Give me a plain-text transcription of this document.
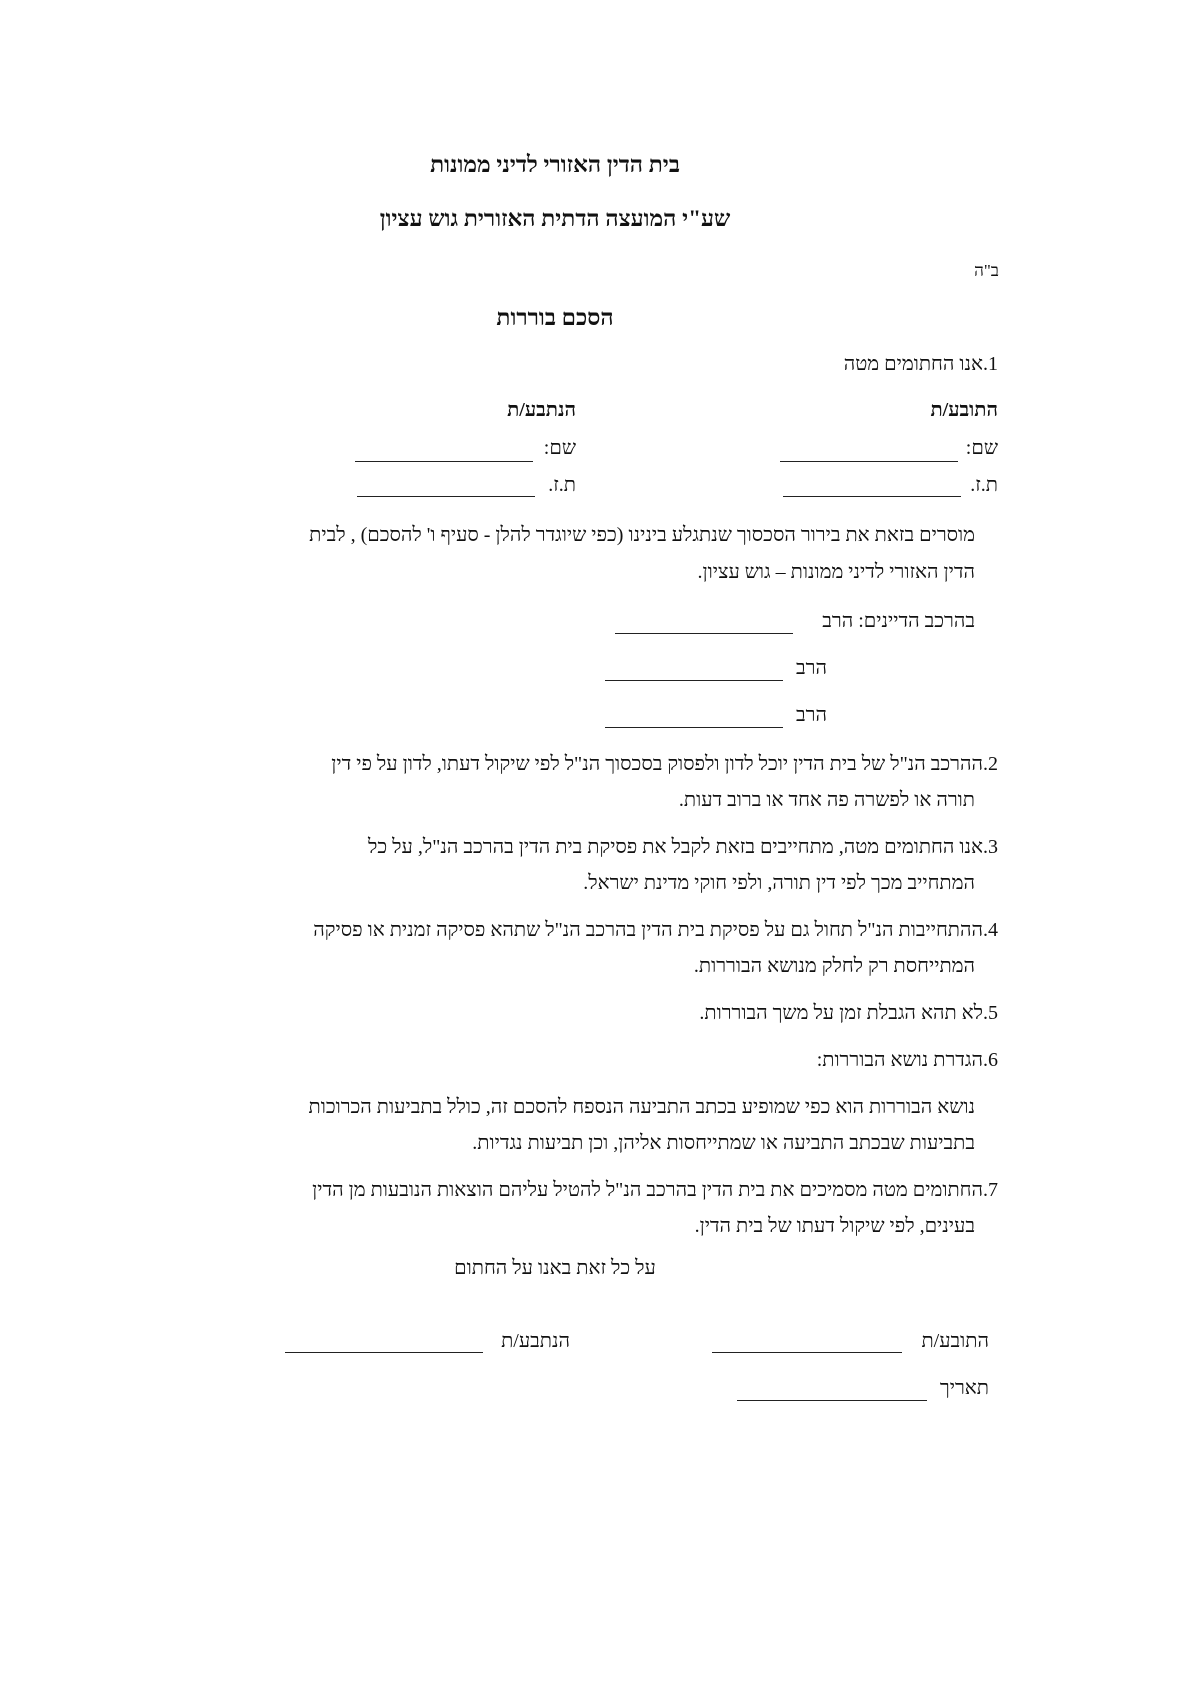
בית הדין האזורי לדיני ממונות
שע"י המועצה הדתית האזורית גוש עציון
ב"ה
הסכם בוררות
1.אנו החתומים מטה
התובע/ת
הנתבע/ת
שם:
שם:
ת.ז.
ת.ז.
מוסרים בזאת את בירור הסכסוך שנתגלע בינינו (כפי שיוגדר להלן - סעיף ו' להסכם) , לבית
הדין האזורי לדיני ממונות – גוש עציון.
בהרכב הדיינים: הרב
הרב
הרב
2.ההרכב הנ"ל של בית הדין יוכל לדון ולפסוק בסכסוך הנ"ל לפי שיקול דעתו, לדון על פי דין
תורה או לפשרה פה אחד או ברוב דעות.
3.אנו החתומים מטה, מתחייבים בזאת לקבל את פסיקת בית הדין בהרכב הנ"ל, על כל
המתחייב מכך לפי דין תורה, ולפי חוקי מדינת ישראל.
4.ההתחייבות הנ"ל תחול גם על פסיקת בית הדין בהרכב הנ"ל שתהא פסיקה זמנית או פסיקה
המתייחסת רק לחלק מנושא הבוררות.
5.לא תהא הגבלת זמן על משך הבוררות.
6.הגדרת נושא הבוררות:
נושא הבוררות הוא כפי שמופיע בכתב התביעה הנספח להסכם זה, כולל בתביעות הכרוכות
בתביעות שבכתב התביעה או שמתייחסות אליהן, וכן תביעות נגדיות.
7.החתומים מטה מסמיכים את בית הדין בהרכב הנ"ל להטיל עליהם הוצאות הנובעות מן הדין
בעינים, לפי שיקול דעתו של בית הדין.
על כל זאת באנו על החתום
התובע/ת
הנתבע/ת
תאריך
